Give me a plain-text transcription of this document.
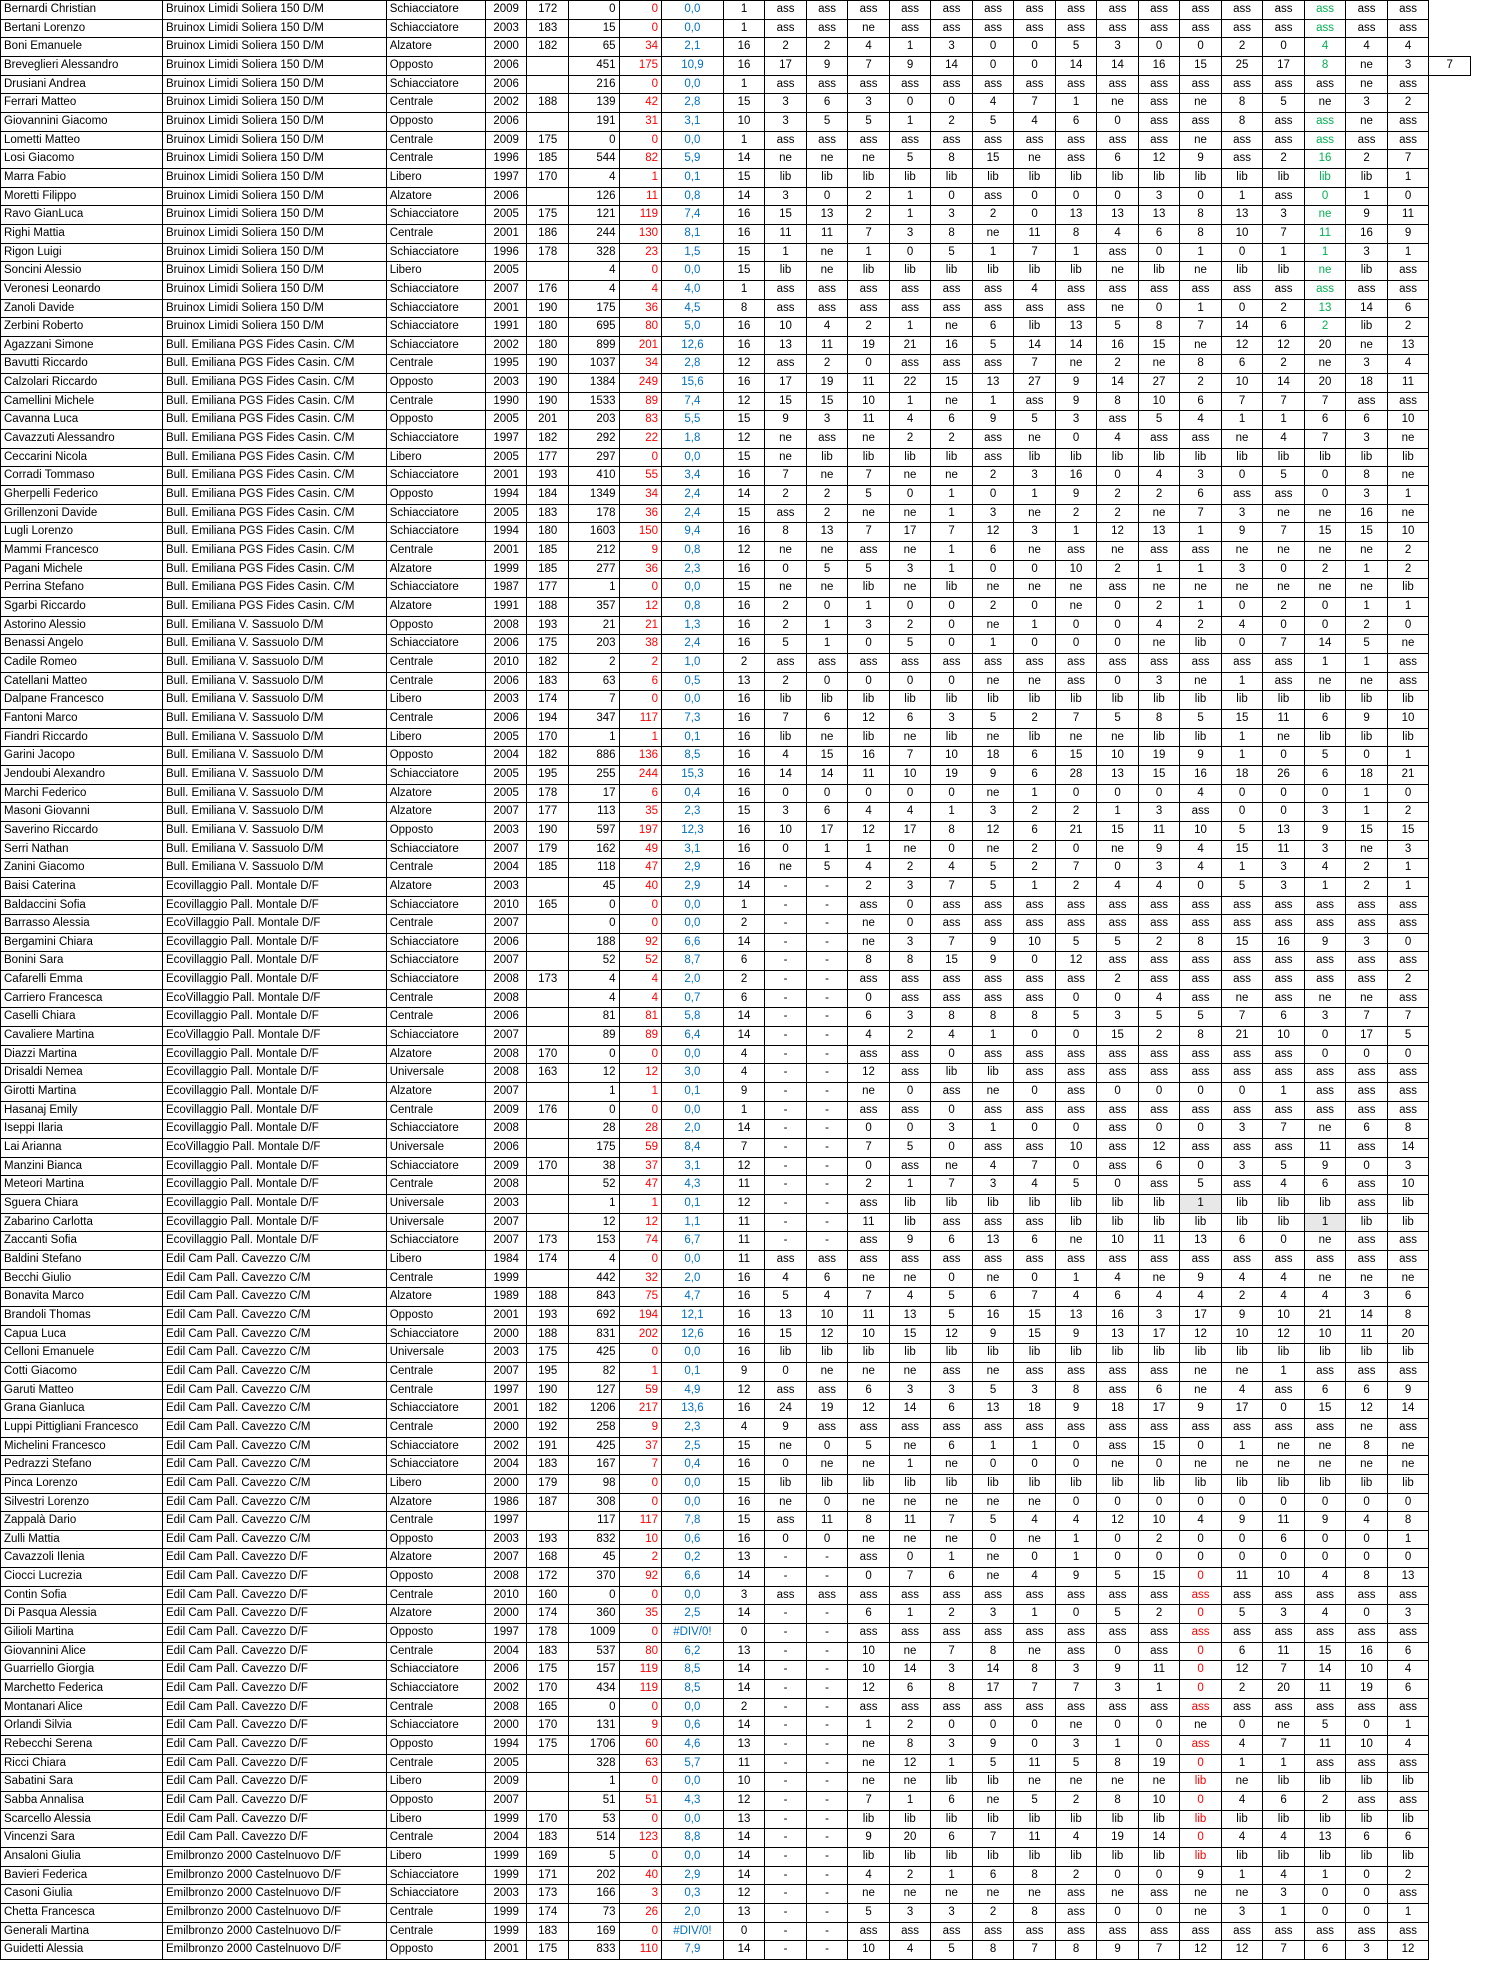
Bernardi Christian	Bruinox Limidi Soliera 150 D/M	Schiacciatore	2009	172	0	0	0,0	1	ass	ass	ass	ass	ass	ass	ass	ass	ass	ass	ass	ass	ass	ass	ass	ass	
Bertani Lorenzo	Bruinox Limidi Soliera 150 D/M	Schiacciatore	2003	183	15	0	0,0	1	ass	ass	ne	ass	ass	ass	ass	ass	ass	ass	ass	ass	ass	ass	ass	ass	
Boni Emanuele	Bruinox Limidi Soliera 150 D/M	Alzatore	2000	182	65	34	2,1	16	2	2	4	1	3	0	0	5	3	0	0	2	0	4	4	4	
Breveglieri Alessandro	Bruinox Limidi Soliera 150 D/M	Opposto	2006		451	175	10,9	16	17	9	7	9	14	0	0	14	14	16	15	25	17	8	ne	3	7
Drusiani Andrea	Bruinox Limidi Soliera 150 D/M	Schiacciatore	2006		216	0	0,0	1	ass	ass	ass	ass	ass	ass	ass	ass	ass	ass	ass	ass	ass	ass	ne	ass	
Ferrari Matteo	Bruinox Limidi Soliera 150 D/M	Centrale	2002	188	139	42	2,8	15	3	6	3	0	0	4	7	1	ne	ass	ne	8	5	ne	3	2	
Giovannini Giacomo	Bruinox Limidi Soliera 150 D/M	Opposto	2006		191	31	3,1	10	3	5	5	1	2	5	4	6	0	ass	ass	8	ass	ass	ne	ass	
Lometti Matteo	Bruinox Limidi Soliera 150 D/M	Centrale	2009	175	0	0	0,0	1	ass	ass	ass	ass	ass	ass	ass	ass	ass	ass	ne	ass	ass	ass	ass	ass	
Losi Giacomo	Bruinox Limidi Soliera 150 D/M	Centrale	1996	185	544	82	5,9	14	ne	ne	ne	5	8	15	ne	ass	6	12	9	ass	2	16	2	7	
Marra Fabio	Bruinox Limidi Soliera 150 D/M	Libero	1997	170	4	1	0,1	15	lib	lib	lib	lib	lib	lib	lib	lib	lib	lib	lib	lib	lib	lib	lib	1	
Moretti Filippo	Bruinox Limidi Soliera 150 D/M	Alzatore	2006		126	11	0,8	14	3	0	2	1	0	ass	0	0	0	3	0	1	ass	0	1	0	
Ravo GianLuca	Bruinox Limidi Soliera 150 D/M	Schiacciatore	2005	175	121	119	7,4	16	15	13	2	1	3	2	0	13	13	13	8	13	3	ne	9	11	
Righi Mattia	Bruinox Limidi Soliera 150 D/M	Centrale	2001	186	244	130	8,1	16	11	11	7	3	8	ne	11	8	4	6	8	10	7	11	16	9	
Rigon Luigi	Bruinox Limidi Soliera 150 D/M	Schiacciatore	1996	178	328	23	1,5	15	1	ne	1	0	5	1	7	1	ass	0	1	0	1	1	3	1	
Soncini Alessio	Bruinox Limidi Soliera 150 D/M	Libero	2005		4	0	0,0	15	lib	ne	lib	lib	lib	lib	lib	lib	ne	lib	ne	lib	lib	ne	lib	ass	
Veronesi Leonardo	Bruinox Limidi Soliera 150 D/M	Schiacciatore	2007	176	4	4	4,0	1	ass	ass	ass	ass	ass	ass	4	ass	ass	ass	ass	ass	ass	ass	ass	ass	
Zanoli Davide	Bruinox Limidi Soliera 150 D/M	Schiacciatore	2001	190	175	36	4,5	8	ass	ass	ass	ass	ass	ass	ass	ass	ne	0	1	0	2	13	14	6	
Zerbini Roberto	Bruinox Limidi Soliera 150 D/M	Schiacciatore	1991	180	695	80	5,0	16	10	4	2	1	ne	6	lib	13	5	8	7	14	6	2	lib	2	
Agazzani Simone	Bull. Emiliana PGS Fides Casin. C/M	Schiacciatore	2002	180	899	201	12,6	16	13	11	19	21	16	5	14	14	16	15	ne	12	12	20	ne	13	
Bavutti Riccardo	Bull. Emiliana PGS Fides Casin. C/M	Centrale	1995	190	1037	34	2,8	12	ass	2	0	ass	ass	ass	7	ne	2	ne	8	6	2	ne	3	4	
Calzolari Riccardo	Bull. Emiliana PGS Fides Casin. C/M	Opposto	2003	190	1384	249	15,6	16	17	19	11	22	15	13	27	9	14	27	2	10	14	20	18	11	
Camellini Michele	Bull. Emiliana PGS Fides Casin. C/M	Centrale	1990	190	1533	89	7,4	12	15	15	10	1	ne	1	ass	9	8	10	6	7	7	7	ass	ass	
Cavanna Luca	Bull. Emiliana PGS Fides Casin. C/M	Opposto	2005	201	203	83	5,5	15	9	3	11	4	6	9	5	3	ass	5	4	1	1	6	6	10	
Cavazzuti Alessandro	Bull. Emiliana PGS Fides Casin. C/M	Schiacciatore	1997	182	292	22	1,8	12	ne	ass	ne	2	2	ass	ne	0	4	ass	ass	ne	4	7	3	ne	
Ceccarini Nicola	Bull. Emiliana PGS Fides Casin. C/M	Libero	2005	177	297	0	0,0	15	ne	lib	lib	lib	lib	ass	lib	lib	lib	lib	lib	lib	lib	lib	lib	lib	
Corradi Tommaso	Bull. Emiliana PGS Fides Casin. C/M	Schiacciatore	2001	193	410	55	3,4	16	7	ne	7	ne	ne	2	3	16	0	4	3	0	5	0	8	ne	
Gherpelli Federico	Bull. Emiliana PGS Fides Casin. C/M	Opposto	1994	184	1349	34	2,4	14	2	2	5	0	1	0	1	9	2	2	6	ass	ass	0	3	1	
Grillenzoni Davide	Bull. Emiliana PGS Fides Casin. C/M	Schiacciatore	2005	183	178	36	2,4	15	ass	2	ne	ne	1	3	ne	2	2	ne	7	3	ne	ne	16	ne	
Lugli Lorenzo	Bull. Emiliana PGS Fides Casin. C/M	Schiacciatore	1994	180	1603	150	9,4	16	8	13	7	17	7	12	3	1	12	13	1	9	7	15	15	10	
Mammi Francesco	Bull. Emiliana PGS Fides Casin. C/M	Centrale	2001	185	212	9	0,8	12	ne	ne	ass	ne	1	6	ne	ass	ne	ass	ass	ne	ne	ne	ne	2	
Pagani Michele	Bull. Emiliana PGS Fides Casin. C/M	Alzatore	1999	185	277	36	2,3	16	0	5	5	3	1	0	0	10	2	1	1	3	0	2	1	2	
Perrina Stefano	Bull. Emiliana PGS Fides Casin. C/M	Schiacciatore	1987	177	1	0	0,0	15	ne	ne	lib	ne	lib	ne	ne	ne	ass	ne	ne	ne	ne	ne	ne	lib	
Sgarbi Riccardo	Bull. Emiliana PGS Fides Casin. C/M	Alzatore	1991	188	357	12	0,8	16	2	0	1	0	0	2	0	ne	0	2	1	0	2	0	1	1	
Astorino Alessio	Bull. Emiliana V. Sassuolo D/M	Opposto	2008	193	21	21	1,3	16	2	1	3	2	0	ne	1	0	0	4	2	4	0	0	2	0	
Benassi Angelo	Bull. Emiliana V. Sassuolo D/M	Schiacciatore	2006	175	203	38	2,4	16	5	1	0	5	0	1	0	0	0	ne	lib	0	7	14	5	ne	
Cadile Romeo	Bull. Emiliana V. Sassuolo D/M	Centrale	2010	182	2	2	1,0	2	ass	ass	ass	ass	ass	ass	ass	ass	ass	ass	ass	ass	ass	1	1	ass	
Catellani Matteo	Bull. Emiliana V. Sassuolo D/M	Centrale	2006	183	63	6	0,5	13	2	0	0	0	0	ne	ne	ass	0	3	ne	1	ass	ne	ne	ass	
Dalpane Francesco	Bull. Emiliana V. Sassuolo D/M	Libero	2003	174	7	0	0,0	16	lib	lib	lib	lib	lib	lib	lib	lib	lib	lib	lib	lib	lib	lib	lib	lib	
Fantoni Marco	Bull. Emiliana V. Sassuolo D/M	Centrale	2006	194	347	117	7,3	16	7	6	12	6	3	5	2	7	5	8	5	15	11	6	9	10	
Fiandri Riccardo	Bull. Emiliana V. Sassuolo D/M	Libero	2005	170	1	1	0,1	16	lib	ne	lib	ne	lib	ne	lib	ne	ne	lib	lib	1	ne	lib	lib	lib	
Garini Jacopo	Bull. Emiliana V. Sassuolo D/M	Opposto	2004	182	886	136	8,5	16	4	15	16	7	10	18	6	15	10	19	9	1	0	5	0	1	
Jendoubi Alexandro	Bull. Emiliana V. Sassuolo D/M	Schiacciatore	2005	195	255	244	15,3	16	14	14	11	10	19	9	6	28	13	15	16	18	26	6	18	21	
Marchi Federico	Bull. Emiliana V. Sassuolo D/M	Alzatore	2005	178	17	6	0,4	16	0	0	0	0	0	ne	1	0	0	0	4	0	0	0	1	0	
Masoni Giovanni	Bull. Emiliana V. Sassuolo D/M	Alzatore	2007	177	113	35	2,3	15	3	6	4	4	1	3	2	2	1	3	ass	0	0	3	1	2	
Saverino Riccardo	Bull. Emiliana V. Sassuolo D/M	Opposto	2003	190	597	197	12,3	16	10	17	12	17	8	12	6	21	15	11	10	5	13	9	15	15	
Serri Nathan	Bull. Emiliana V. Sassuolo D/M	Schiacciatore	2007	179	162	49	3,1	16	0	1	1	ne	0	ne	2	0	ne	9	4	15	11	3	ne	3	
Zanini Giacomo	Bull. Emiliana V. Sassuolo D/M	Centrale	2004	185	118	47	2,9	16	ne	5	4	2	4	5	2	7	0	3	4	1	3	4	2	1	
Baisi Caterina	Ecovillaggio Pall. Montale D/F	Alzatore	2003		45	40	2,9	14	-	-	2	3	7	5	1	2	4	4	0	5	3	1	2	1	
Baldaccini Sofia	Ecovillaggio Pall. Montale D/F	Schiacciatore	2010	165	0	0	0,0	1	-	-	ass	0	ass	ass	ass	ass	ass	ass	ass	ass	ass	ass	ass	ass	
Barrasso Alessia	EcoVillaggio Pall. Montale D/F	Centrale	2007		0	0	0,0	2	-	-	ne	0	ass	ass	ass	ass	ass	ass	ass	ass	ass	ass	ass	ass	
Bergamini Chiara	Ecovillaggio Pall. Montale D/F	Schiacciatore	2006		188	92	6,6	14	-	-	ne	3	7	9	10	5	5	2	8	15	16	9	3	0	
Bonini Sara	Ecovillaggio Pall. Montale D/F	Schiacciatore	2007		52	52	8,7	6	-	-	8	8	15	9	0	12	ass	ass	ass	ass	ass	ass	ass	ass	
Cafarelli Emma	Ecovillaggio Pall. Montale D/F	Schiacciatore	2008	173	4	4	2,0	2	-	-	ass	ass	ass	ass	ass	ass	2	ass	ass	ass	ass	ass	ass	2	
Carriero Francesca	EcoVillaggio Pall. Montale D/F	Centrale	2008		4	4	0,7	6	-	-	0	ass	ass	ass	ass	0	0	4	ass	ne	ass	ne	ne	ass	
Caselli Chiara	Ecovillaggio Pall. Montale D/F	Centrale	2006		81	81	5,8	14	-	-	6	3	8	8	8	5	3	5	5	7	6	3	7	7	
Cavaliere Martina	EcoVillaggio Pall. Montale D/F	Schiacciatore	2007		89	89	6,4	14	-	-	4	2	4	1	0	0	15	2	8	21	10	0	17	5	
Diazzi Martina	Ecovillaggio Pall. Montale D/F	Alzatore	2008	170	0	0	0,0	4	-	-	ass	ass	0	ass	ass	ass	ass	ass	ass	ass	ass	0	0	0	
Drisaldi Nemea	Ecovillaggio Pall. Montale D/F	Universale	2008	163	12	12	3,0	4	-	-	12	ass	lib	lib	ass	ass	ass	ass	ass	ass	ass	ass	ass	ass	
Girotti Martina	Ecovillaggio Pall. Montale D/F	Alzatore	2007		1	1	0,1	9	-	-	ne	0	ass	ne	0	ass	0	0	0	0	1	ass	ass	ass	
Hasanaj Emily	Ecovillaggio Pall. Montale D/F	Centrale	2009	176	0	0	0,0	1	-	-	ass	ass	0	ass	ass	ass	ass	ass	ass	ass	ass	ass	ass	ass	
Iseppi Ilaria	Ecovillaggio Pall. Montale D/F	Schiacciatore	2008		28	28	2,0	14	-	-	0	0	3	1	0	0	ass	0	0	3	7	ne	6	8	
Lai Arianna	EcoVillaggio Pall. Montale D/F	Universale	2006		175	59	8,4	7	-	-	7	5	0	ass	ass	10	ass	12	ass	ass	ass	11	ass	14	
Manzini Bianca	Ecovillaggio Pall. Montale D/F	Schiacciatore	2009	170	38	37	3,1	12	-	-	0	ass	ne	4	7	0	ass	6	0	3	5	9	0	3	
Meteori Martina	Ecovillaggio Pall. Montale D/F	Centrale	2008		52	47	4,3	11	-	-	2	1	7	3	4	5	0	ass	5	ass	4	6	ass	10	
Sguera Chiara	Ecovillaggio Pall. Montale D/F	Universale	2003		1	1	0,1	12	-	-	ass	lib	lib	lib	lib	lib	lib	lib	1	lib	lib	lib	ass	lib	
Zabarino Carlotta	Ecovillaggio Pall. Montale D/F	Universale	2007		12	12	1,1	11	-	-	11	lib	ass	ass	ass	lib	lib	lib	lib	lib	lib	1	lib	lib	
Zaccanti Sofia	Ecovillaggio Pall. Montale D/F	Schiacciatore	2007	173	153	74	6,7	11	-	-	ass	9	6	13	6	ne	10	11	13	6	0	ne	ass	ass	
Baldini Stefano	Edil Cam Pall. Cavezzo C/M	Libero	1984	174	4	0	0,0	11	ass	ass	ass	ass	ass	ass	ass	ass	ass	ass	ass	ass	ass	ass	ass	ass	
Becchi Giulio	Edil Cam Pall. Cavezzo C/M	Centrale	1999		442	32	2,0	16	4	6	ne	ne	0	ne	0	1	4	ne	9	4	4	ne	ne	ne	
Bonavita Marco	Edil Cam Pall. Cavezzo C/M	Alzatore	1989	188	843	75	4,7	16	5	4	7	4	5	6	7	4	6	4	4	2	4	4	3	6	
Brandoli Thomas	Edil Cam Pall. Cavezzo C/M	Opposto	2001	193	692	194	12,1	16	13	10	11	13	5	16	15	13	16	3	17	9	10	21	14	8	
Capua Luca	Edil Cam Pall. Cavezzo C/M	Schiacciatore	2000	188	831	202	12,6	16	15	12	10	15	12	9	15	9	13	17	12	10	12	10	11	20	
Celloni Emanuele	Edil Cam Pall. Cavezzo C/M	Universale	2003	175	425	0	0,0	16	lib	lib	lib	lib	lib	lib	lib	lib	lib	lib	lib	lib	lib	lib	lib	lib	
Cotti Giacomo	Edil Cam Pall. Cavezzo C/M	Centrale	2007	195	82	1	0,1	9	0	ne	ne	ne	ass	ne	ass	ass	ass	ass	ne	ne	1	ass	ass	ass	
Garuti Matteo	Edil Cam Pall. Cavezzo C/M	Centrale	1997	190	127	59	4,9	12	ass	ass	6	3	3	5	3	8	ass	6	ne	4	ass	6	6	9	
Grana Gianluca	Edil Cam Pall. Cavezzo C/M	Schiacciatore	2001	182	1206	217	13,6	16	24	19	12	14	6	13	18	9	18	17	9	17	0	15	12	14	
Luppi Pittigliani Francesco	Edil Cam Pall. Cavezzo C/M	Centrale	2000	192	258	9	2,3	4	9	ass	ass	ass	ass	ass	ass	ass	ass	ass	ass	ass	ass	ass	ne	ass	
Michelini Francesco	Edil Cam Pall. Cavezzo C/M	Schiacciatore	2002	191	425	37	2,5	15	ne	0	5	ne	6	1	1	0	ass	15	0	1	ne	ne	8	ne	
Pedrazzi Stefano	Edil Cam Pall. Cavezzo C/M	Schiacciatore	2004	183	167	7	0,4	16	0	ne	ne	1	ne	0	0	0	ne	0	ne	ne	ne	ne	ne	ne	
Pinca Lorenzo	Edil Cam Pall. Cavezzo C/M	Libero	2000	179	98	0	0,0	15	lib	lib	lib	lib	lib	lib	lib	lib	lib	lib	lib	lib	lib	lib	lib	lib	
Silvestri Lorenzo	Edil Cam Pall. Cavezzo C/M	Alzatore	1986	187	308	0	0,0	16	ne	0	ne	ne	ne	ne	ne	0	0	0	0	0	0	0	0	0	
Zappalà Dario	Edil Cam Pall. Cavezzo C/M	Centrale	1997		117	117	7,8	15	ass	11	8	11	7	5	4	4	12	10	4	9	11	9	4	8	
Zulli Mattia	Edil Cam Pall. Cavezzo C/M	Opposto	2003	193	832	10	0,6	16	0	0	ne	ne	ne	0	ne	1	0	2	0	0	6	0	0	1	
Cavazzoli Ilenia	Edil Cam Pall. Cavezzo D/F	Alzatore	2007	168	45	2	0,2	13	-	-	ass	0	1	ne	0	1	0	0	0	0	0	0	0	0	
Ciocci Lucrezia	Edil Cam Pall. Cavezzo D/F	Opposto	2008	172	370	92	6,6	14	-	-	0	7	6	ne	4	9	5	15	0	11	10	4	8	13	
Contin Sofia	Edil Cam Pall. Cavezzo D/F	Centrale	2010	160	0	0	0,0	3	ass	ass	ass	ass	ass	ass	ass	ass	ass	ass	ass	ass	ass	ass	ass	ass	
Di Pasqua Alessia	Edil Cam Pall. Cavezzo D/F	Alzatore	2000	174	360	35	2,5	14	-	-	6	1	2	3	1	0	5	2	0	5	3	4	0	3	
Gilioli Martina	Edil Cam Pall. Cavezzo D/F	Opposto	1997	178	1009	0	#DIV/0!	0	-	-	ass	ass	ass	ass	ass	ass	ass	ass	ass	ass	ass	ass	ass	ass	
Giovannini Alice	Edil Cam Pall. Cavezzo D/F	Centrale	2004	183	537	80	6,2	13	-	-	10	ne	7	8	ne	ass	0	ass	0	6	11	15	16	6	
Guarriello Giorgia	Edil Cam Pall. Cavezzo D/F	Schiacciatore	2006	175	157	119	8,5	14	-	-	10	14	3	14	8	3	9	11	0	12	7	14	10	4	
Marchetto Federica	Edil Cam Pall. Cavezzo D/F	Schiacciatore	2002	170	434	119	8,5	14	-	-	12	6	8	17	7	7	3	1	0	2	20	11	19	6	
Montanari Alice	Edil Cam Pall. Cavezzo D/F	Centrale	2008	165	0	0	0,0	2	-	-	ass	ass	ass	ass	ass	ass	ass	ass	ass	ass	ass	ass	ass	ass	
Orlandi Silvia	Edil Cam Pall. Cavezzo D/F	Schiacciatore	2000	170	131	9	0,6	14	-	-	1	2	0	0	0	ne	0	0	ne	0	ne	5	0	1	
Rebecchi Serena	Edil Cam Pall. Cavezzo D/F	Opposto	1994	175	1706	60	4,6	13	-	-	ne	8	3	9	0	3	1	0	ass	4	7	11	10	4	
Ricci Chiara	Edil Cam Pall. Cavezzo D/F	Centrale	2005		328	63	5,7	11	-	-	ne	12	1	5	11	5	8	19	0	1	1	ass	ass	ass	
Sabatini Sara	Edil Cam Pall. Cavezzo D/F	Libero	2009		1	0	0,0	10	-	-	ne	ne	lib	lib	ne	ne	ne	ne	lib	ne	lib	lib	lib	lib	
Sabba Annalisa	Edil Cam Pall. Cavezzo D/F	Opposto	2007		51	51	4,3	12	-	-	7	1	6	ne	5	2	8	10	0	4	6	2	ass	ass	
Scarcello Alessia	Edil Cam Pall. Cavezzo D/F	Libero	1999	170	53	0	0,0	13	-	-	lib	lib	lib	lib	lib	lib	lib	lib	lib	lib	lib	lib	lib	lib	
Vincenzi Sara	Edil Cam Pall. Cavezzo D/F	Centrale	2004	183	514	123	8,8	14	-	-	9	20	6	7	11	4	19	14	0	4	4	13	6	6	
Ansaloni Giulia	Emilbronzo 2000 Castelnuovo D/F	Libero	1999	169	5	0	0,0	14	-	-	lib	lib	lib	lib	lib	lib	lib	lib	lib	lib	lib	lib	lib	lib	
Bavieri Federica	Emilbronzo 2000 Castelnuovo D/F	Schiacciatore	1999	171	202	40	2,9	14	-	-	4	2	1	6	8	2	0	0	9	1	4	1	0	2	
Casoni Giulia	Emilbronzo 2000 Castelnuovo D/F	Schiacciatore	2003	173	166	3	0,3	12	-	-	ne	ne	ne	ne	ne	ass	ne	ass	ne	ne	3	0	0	ass	
Chetta Francesca	Emilbronzo 2000 Castelnuovo D/F	Centrale	1999	174	73	26	2,0	13	-	-	5	3	3	2	8	ass	0	0	ne	3	1	0	0	1	
Generali Martina	Emilbronzo 2000 Castelnuovo D/F	Centrale	1999	183	169	0	#DIV/0!	0	-	-	ass	ass	ass	ass	ass	ass	ass	ass	ass	ass	ass	ass	ass	ass	
Guidetti Alessia	Emilbronzo 2000 Castelnuovo D/F	Opposto	2001	175	833	110	7,9	14	-	-	10	4	5	8	7	8	9	7	12	12	7	6	3	12	
